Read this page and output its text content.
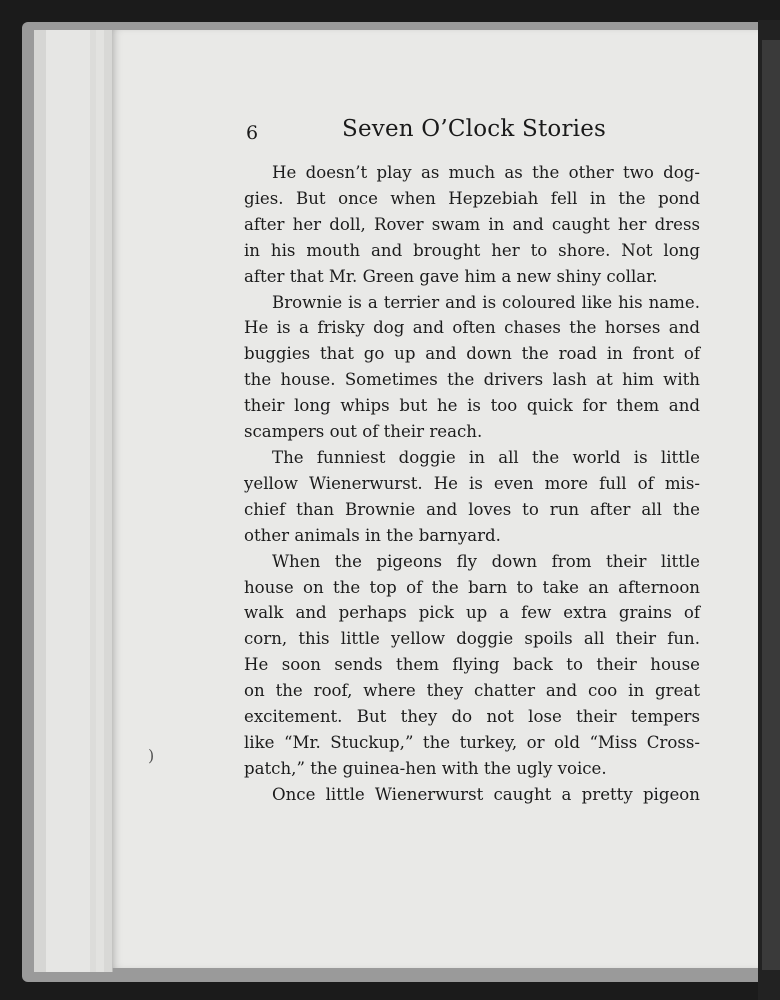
6	Seven O’Clock Stories

He doesn’t play as much as the other two dog-

gies. But once when Hepzebiah fell in the pond

after her doll, Rover swam in and caught her dress

in his mouth and brought her to shore. Not long

after that Mr. Green gave him a new shiny collar.

Brownie is a terrier and is coloured like his name.

He is a frisky dog and often chases the horses and

buggies that go up and down the road in front of

the house. Sometimes the drivers lash at him with

their long whips but he is too quick for them and

scampers out of their reach.

The funniest doggie in all the world is little

yellow Wienerwurst. He is even more full of mis-

chief than Brownie and loves to run after all the

other animals in the barnyard.

When the pigeons fly down from their little

house on the top of the barn to take an afternoon

walk and perhaps pick up a few extra grains of

corn, this little yellow doggie spoils all their fun.

He soon sends them flying back to their house

on the roof, where they chatter and coo in great

excitement. But they do not lose their tempers

like “Mr. Stuckup,” the turkey, or old “Miss Cross-

patch,” the guinea-hen with the ugly voice.

Once little Wienerwurst caught a pretty pigeon

)
